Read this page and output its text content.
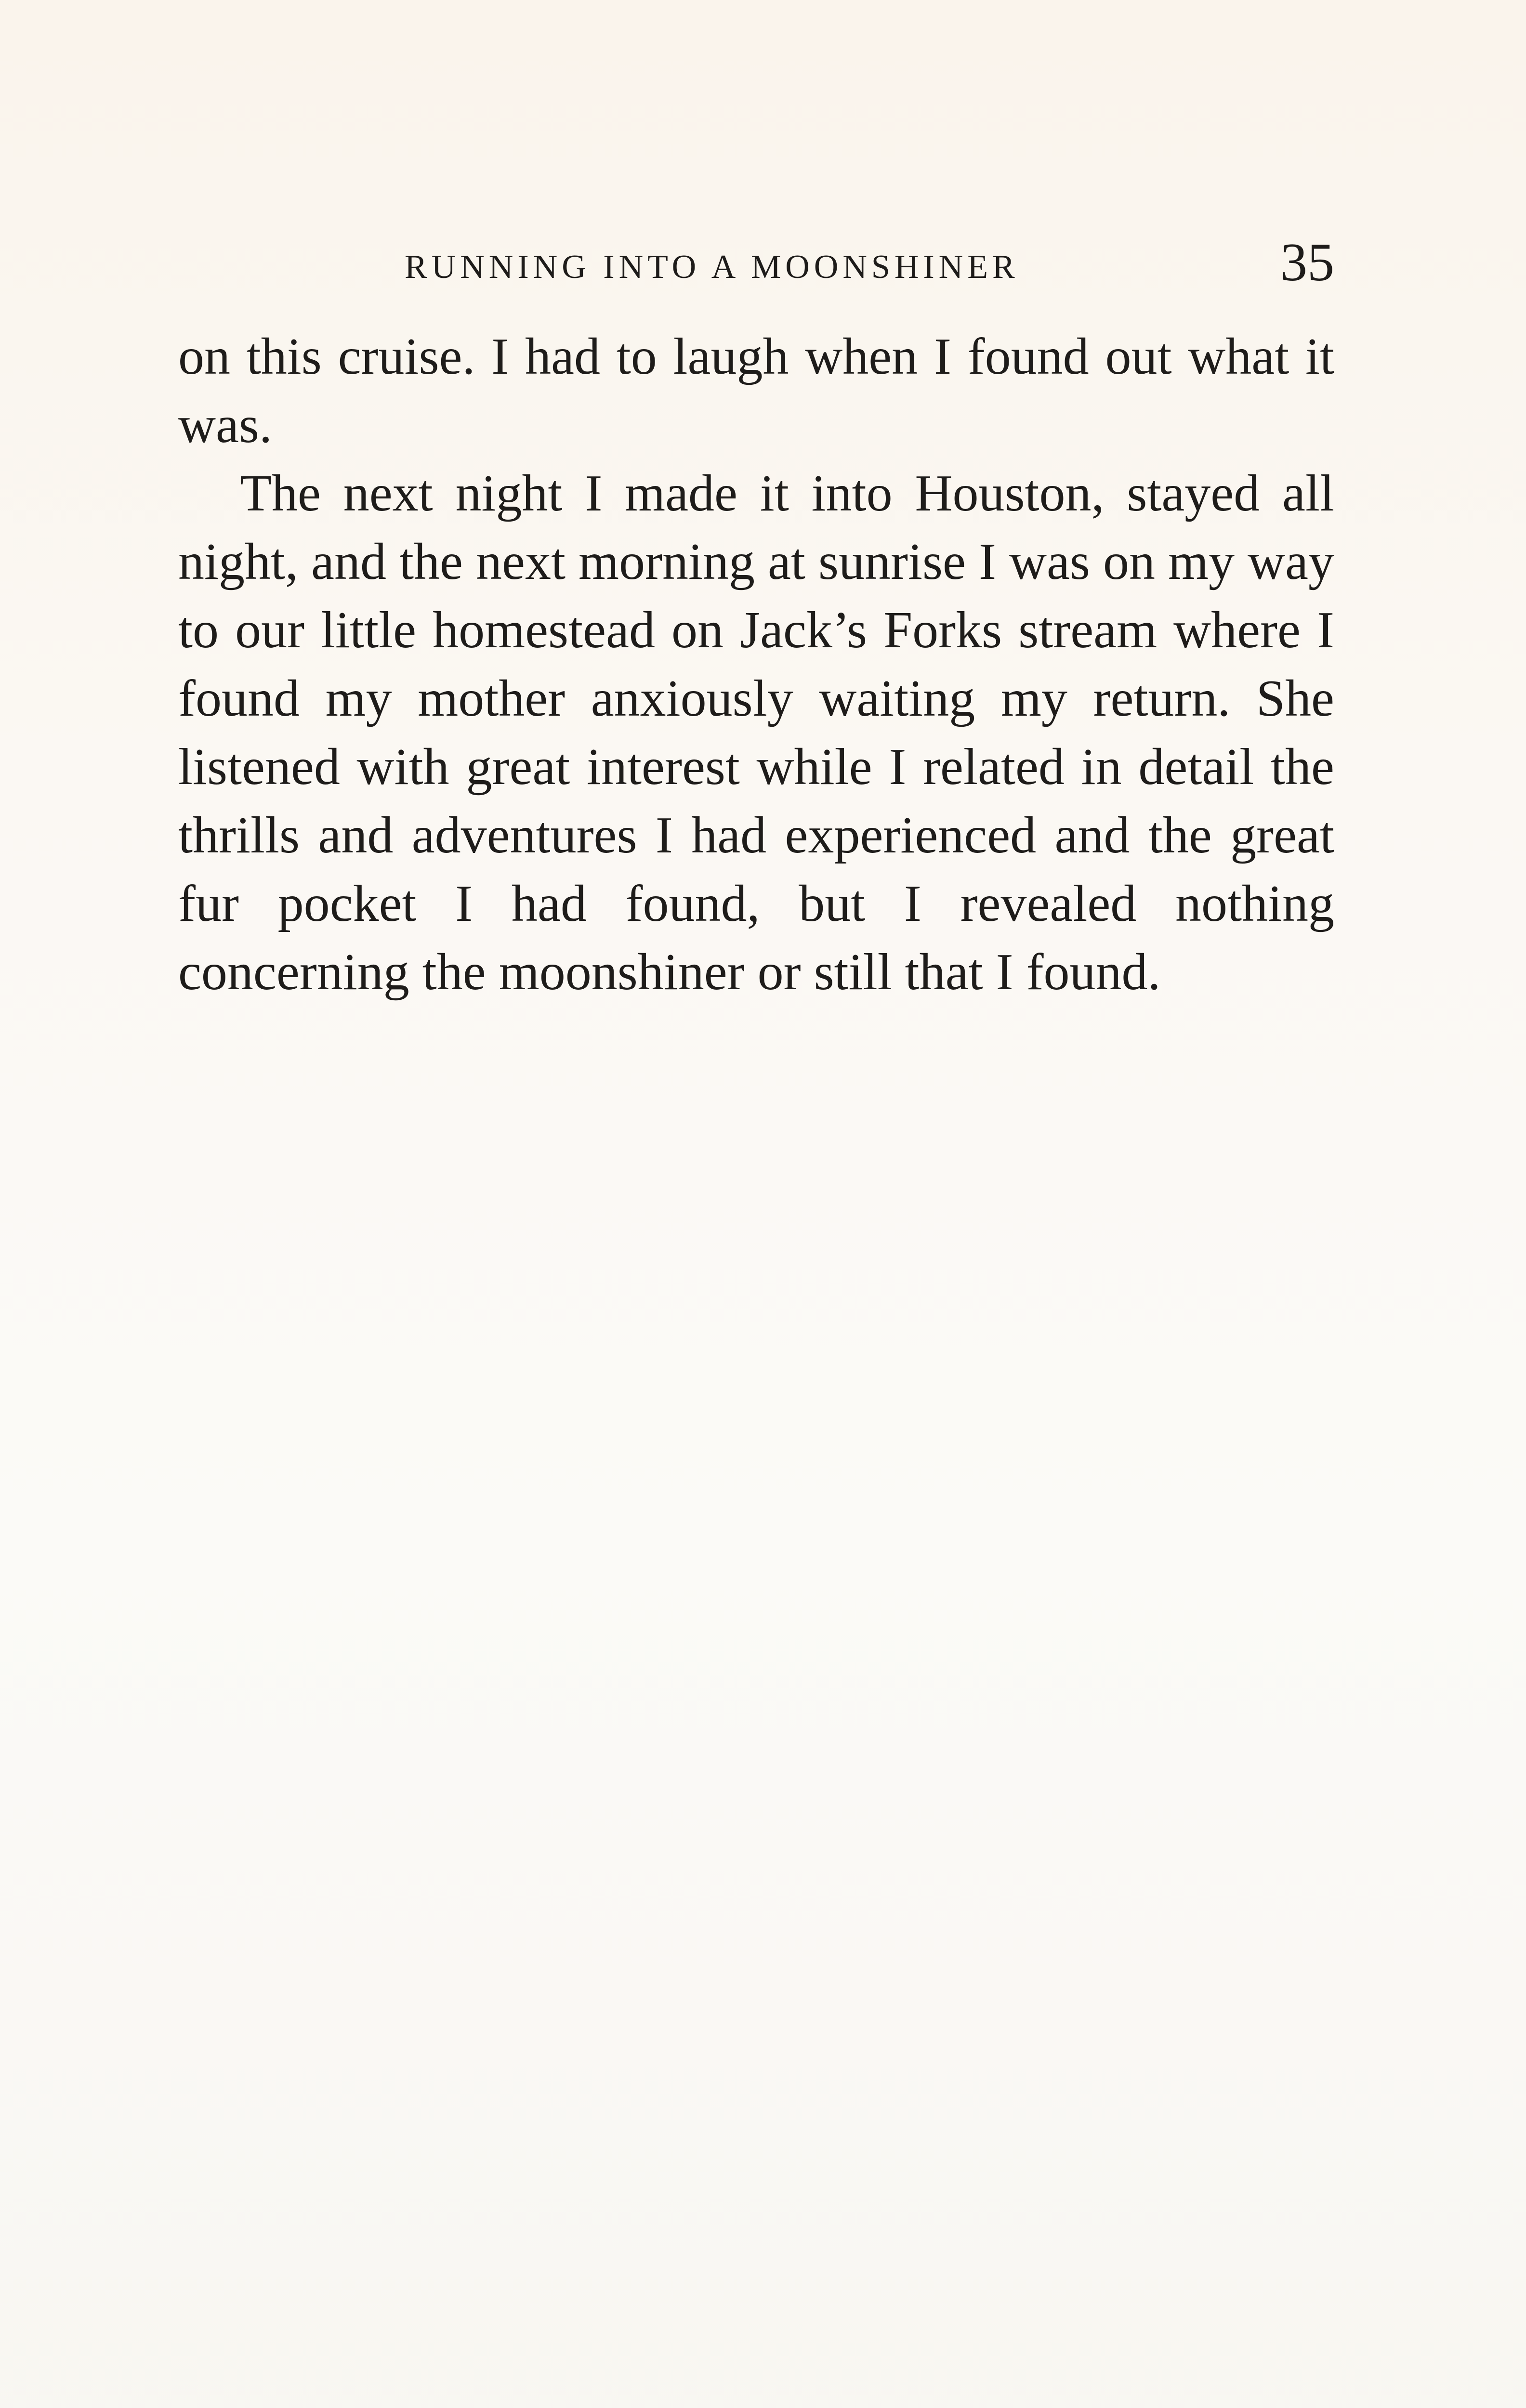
RUNNING INTO A MOONSHINER	35

on this cruise. I had to laugh when I found out what it was.

The next night I made it into Houston, stayed all night, and the next morning at sunrise I was on my way to our little homestead on Jack’s Forks stream where I found my mother anxiously waiting my return. She listened with great interest while I related in detail the thrills and adventures I had experienced and the great fur pocket I had found, but I revealed nothing concerning the moonshiner or still that I found.
